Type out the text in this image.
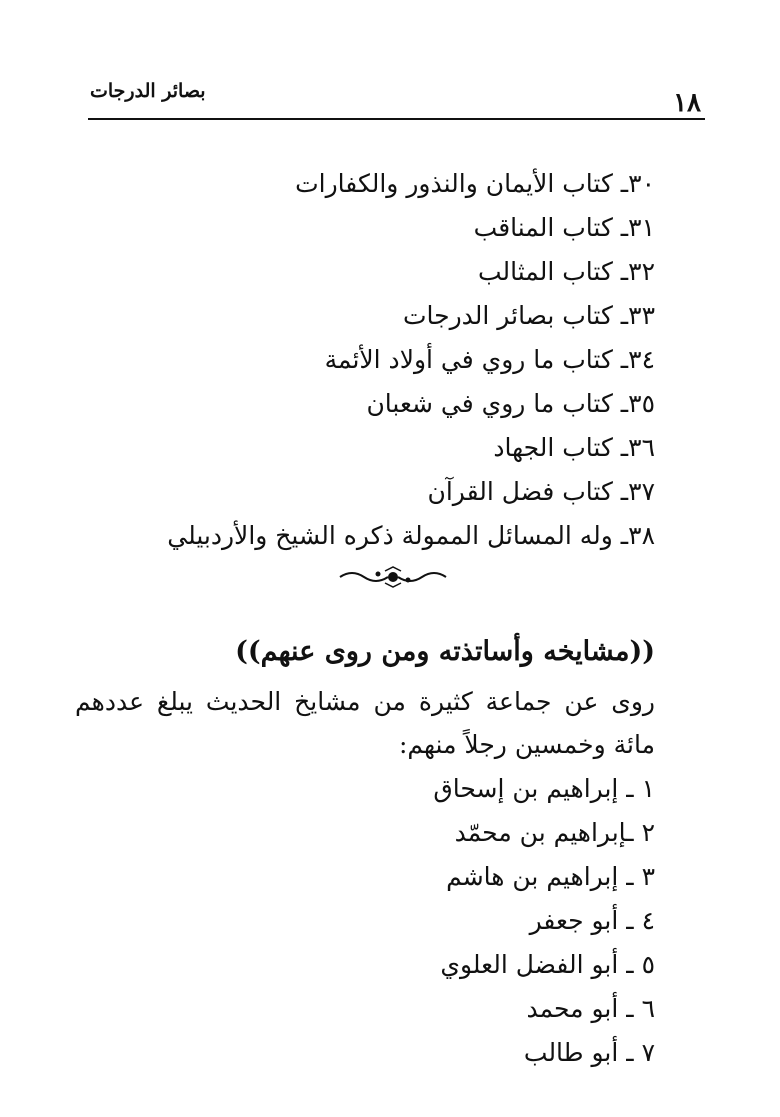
بصائر الدرجات	١٨
٣٠ـ كتاب الأيمان والنذور والكفارات
٣١ـ كتاب المناقب
٣٢ـ كتاب المثالب
٣٣ـ كتاب بصائر الدرجات
٣٤ـ كتاب ما روي في أولاد الأئمة
٣٥ـ كتاب ما روي في شعبان
٣٦ـ كتاب الجهاد
٣٧ـ كتاب فضل القرآن
٣٨ـ وله المسائل الممولة ذكره الشيخ والأردبيلي
((مشايخه وأساتذته ومن روى عنهم))

روى عن جماعة كثيرة من مشايخ الحديث يبلغ عددهم مائة وخمسين رجلاً منهم:

١ ـ إبراهيم بن إسحاق
٢ ـإبراهيم بن محمّد
٣ ـ إبراهيم بن هاشم
٤ ـ أبو جعفر
٥ ـ أبو الفضل العلوي
٦ ـ أبو محمد
٧ ـ أبو طالب
